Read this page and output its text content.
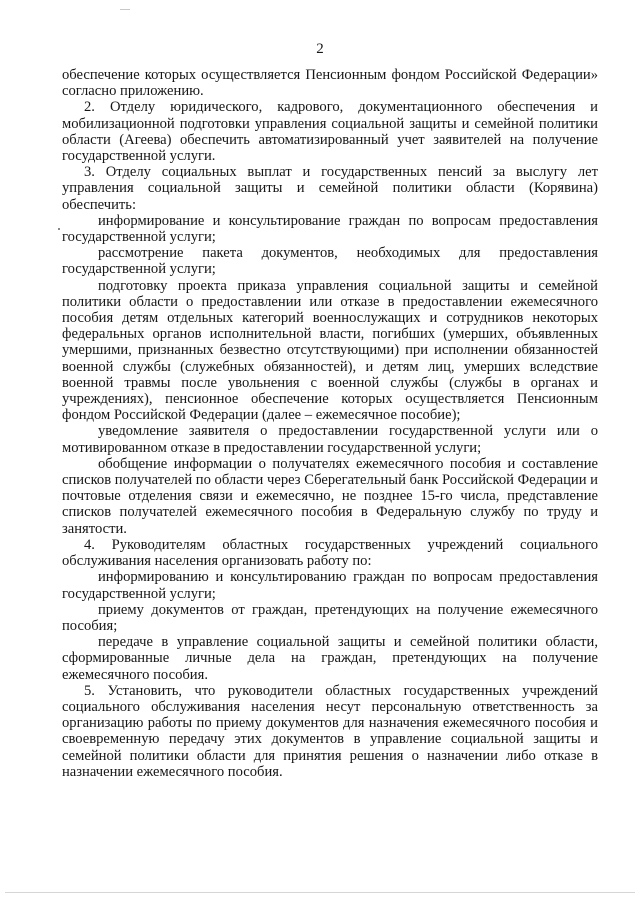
2

обеспечение которых осуществляется Пенсионным фондом Российской Федерации» согласно приложению.

2. Отделу юридического, кадрового, документационного обеспечения и мобилизационной подготовки управления социальной защиты и семейной политики области (Агеева) обеспечить автоматизированный учет заявителей на получение государственной услуги.

3. Отделу социальных выплат и государственных пенсий за выслугу лет управления социальной защиты и семейной политики области (Корявина) обеспечить:

информирование и консультирование граждан по вопросам предоставления государственной услуги;

рассмотрение пакета документов, необходимых для предоставления государственной услуги;

подготовку проекта приказа управления социальной защиты и семейной политики области о предоставлении или отказе в предоставлении ежемесячного пособия детям отдельных категорий военнослужащих и сотрудников некоторых федеральных органов исполнительной власти, погибших (умерших, объявленных умершими, признанных безвестно отсутствующими) при исполнении обязанностей военной службы (служебных обязанностей), и детям лиц, умерших вследствие военной травмы после увольнения с военной службы (службы в органах и учреждениях), пенсионное обеспечение которых осуществляется Пенсионным фондом Российской Федерации (далее – ежемесячное пособие);

уведомление заявителя о предоставлении государственной услуги или о мотивированном отказе в предоставлении государственной услуги;

обобщение информации о получателях ежемесячного пособия и составление списков получателей по области через Сберегательный банк Российской Федерации и почтовые отделения связи и ежемесячно, не позднее 15-го числа, представление списков получателей ежемесячного пособия в Федеральную службу по труду и занятости.

4. Руководителям областных государственных учреждений социального обслуживания населения организовать работу по:

информированию и консультированию граждан по вопросам предоставления государственной услуги;

приему документов от граждан, претендующих на получение ежемесячного пособия;

передаче в управление социальной защиты и семейной политики области, сформированные личные дела на граждан, претендующих на получение ежемесячного пособия.

5. Установить, что руководители областных государственных учреждений социального обслуживания населения несут персональную ответственность за организацию работы по приему документов для назначения ежемесячного пособия и своевременную передачу этих документов в управление социальной защиты и семейной политики области для принятия решения о назначении либо отказе в назначении ежемесячного пособия.
